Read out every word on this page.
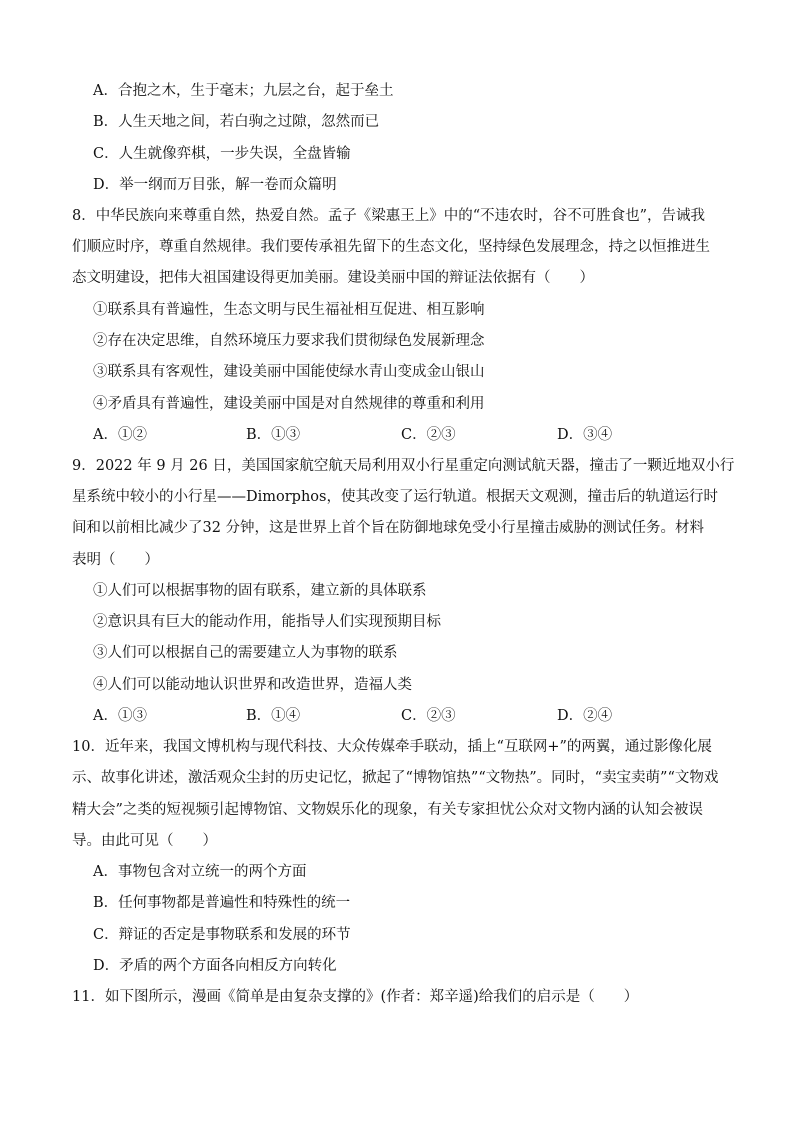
A．合抱之木，生于毫末；九层之台，起于垒土
B．人生天地之间，若白驹之过隙，忽然而已
C．人生就像弈棋，一步失误，全盘皆输
D．举一纲而万目张，解一卷而众篇明
8．中华民族向来尊重自然，热爱自然。孟子《梁惠王上》中的“不违农时，谷不可胜食也”，告诫我
们顺应时序，尊重自然规律。我们要传承祖先留下的生态文化，坚持绿色发展理念，持之以恒推进生
态文明建设，把伟大祖国建设得更加美丽。建设美丽中国的辩证法依据有（　　）
①联系具有普遍性，生态文明与民生福祉相互促进、相互影响
②存在决定思维，自然环境压力要求我们贯彻绿色发展新理念
③联系具有客观性，建设美丽中国能使绿水青山变成金山银山
④矛盾具有普遍性，建设美丽中国是对自然规律的尊重和利用
A．①②	B．①③	C．②③	D．③④
9．2022 年 9 月 26 日，美国国家航空航天局利用双小行星重定向测试航天器，撞击了一颗近地双小行
星系统中较小的小行星——Dimorphos，使其改变了运行轨道。根据天文观测，撞击后的轨道运行时
间和以前相比减少了32 分钟，这是世界上首个旨在防御地球免受小行星撞击威胁的测试任务。材料
表明（　　）
①人们可以根据事物的固有联系，建立新的具体联系
②意识具有巨大的能动作用，能指导人们实现预期目标
③人们可以根据自己的需要建立人为事物的联系
④人们可以能动地认识世界和改造世界，造福人类
A．①③	B．①④	C．②③	D．②④
10．近年来，我国文博机构与现代科技、大众传媒牵手联动，插上“互联网+”的两翼，通过影像化展
示、故事化讲述，激活观众尘封的历史记忆，掀起了“博物馆热”“文物热”。同时，“卖宝卖萌”“文物戏
精大会”之类的短视频引起博物馆、文物娱乐化的现象，有关专家担忧公众对文物内涵的认知会被误
导。由此可见（　　）
A．事物包含对立统一的两个方面
B．任何事物都是普遍性和特殊性的统一
C．辩证的否定是事物联系和发展的环节
D．矛盾的两个方面各向相反方向转化
11．如下图所示，漫画《简单是由复杂支撑的》(作者：郑辛遥)给我们的启示是（　　）
